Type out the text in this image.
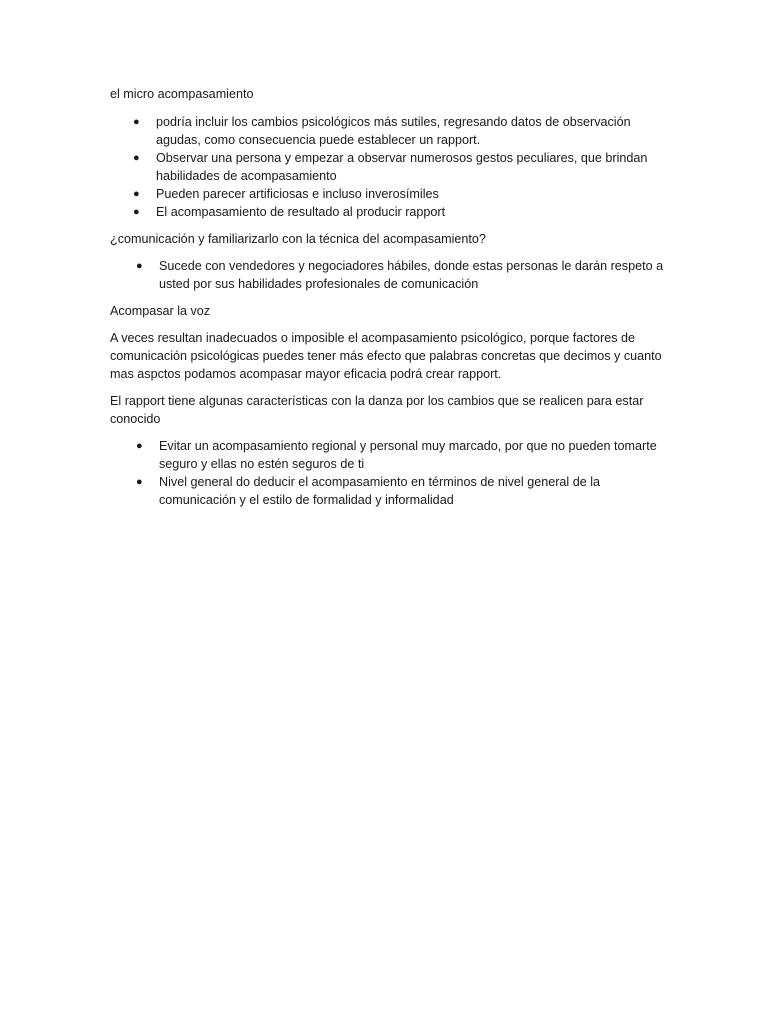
el micro acompasamiento

● podría incluir los cambios psicológicos más sutiles, regresando datos de observación agudas, como consecuencia puede establecer un rapport.
● Observar una persona y empezar a observar numerosos gestos peculiares, que brindan habilidades de acompasamiento
● Pueden parecer artificiosas e incluso inverosímiles
● El acompasamiento de resultado al producir rapport

¿comunicación y familiarizarlo con la técnica del acompasamiento?

● Sucede con vendedores y negociadores hábiles, donde estas personas le darán respeto a usted por sus habilidades profesionales de comunicación

Acompasar la voz

A veces resultan inadecuados o imposible el acompasamiento psicológico, porque factores de comunicación psicológicas puedes tener más efecto que palabras concretas que decimos y cuanto mas aspctos podamos acompasar mayor eficacia podrá crear rapport.

El rapport tiene algunas características con la danza por los cambios que se realicen para estar conocido

● Evitar un acompasamiento regional y personal muy marcado, por que no pueden tomarte seguro y ellas no estén seguros de ti
● Nivel general do deducir el acompasamiento en términos de nivel general de la comunicación y el estilo de formalidad y informalidad
